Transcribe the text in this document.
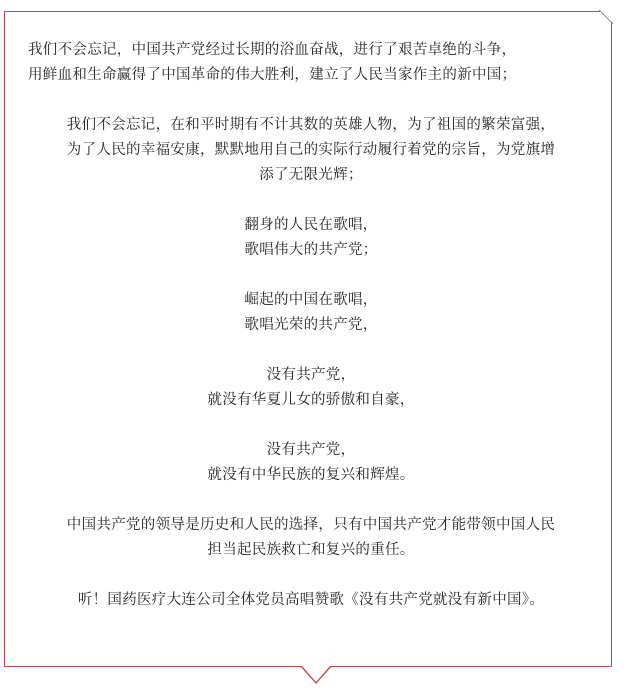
我们不会忘记，中国共产党经过长期的浴血奋战，进行了艰苦卓绝的斗争，

用鲜血和生命赢得了中国革命的伟大胜利，建立了人民当家作主的新中国；

我们不会忘记，在和平时期有不计其数的英雄人物，为了祖国的繁荣富强，

为了人民的幸福安康，默默地用自己的实际行动履行着党的宗旨，为党旗增

添了无限光辉；

翻身的人民在歌唱，

歌唱伟大的共产党；

崛起的中国在歌唱，

歌唱光荣的共产党，

没有共产党，

就没有华夏儿女的骄傲和自豪，

没有共产党，

就没有中华民族的复兴和辉煌。

中国共产党的领导是历史和人民的选择，只有中国共产党才能带领中国人民

担当起民族救亡和复兴的重任。

听！国药医疗大连公司全体党员高唱赞歌《没有共产党就没有新中国》。
